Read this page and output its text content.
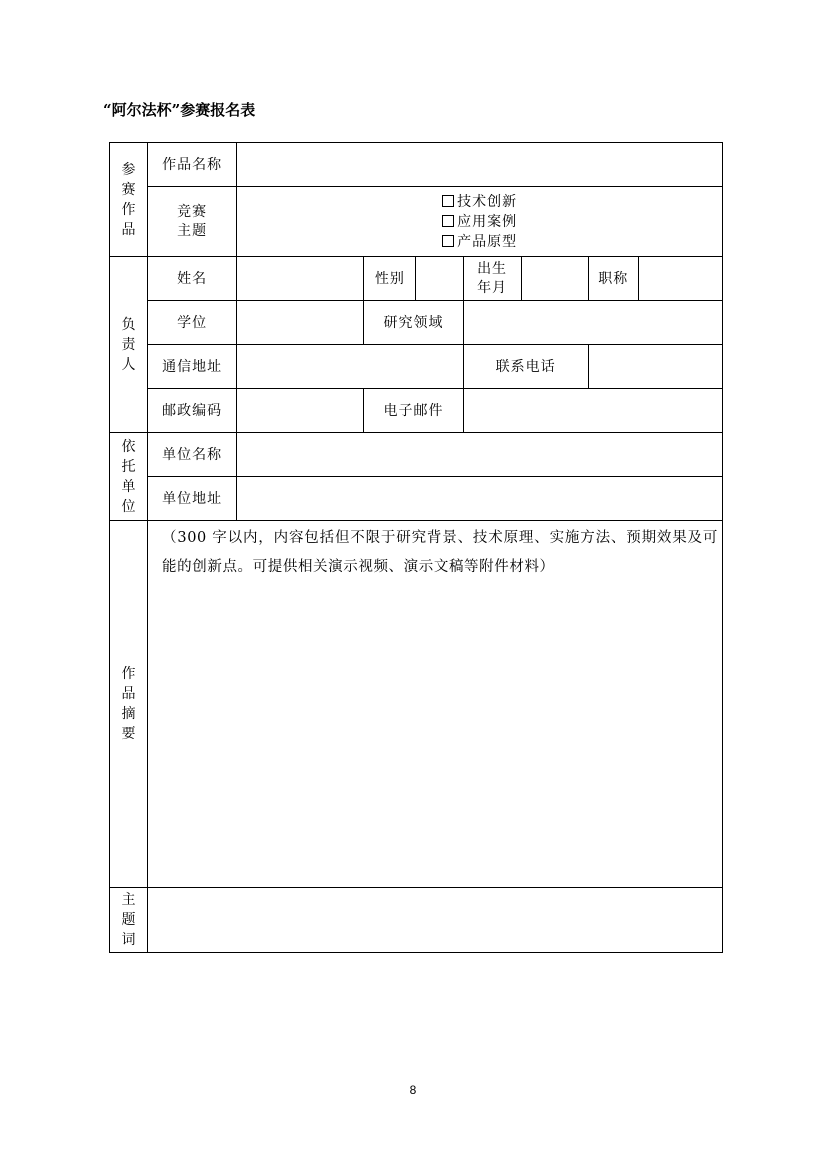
“阿尔法杯”参赛报名表
参
赛
作
品	作品名称							

	竞赛
主题	技术创新
应用案例
产品原型						

负
责
人	姓名		性别		出生
年月		职称	
	学位		研究领域					
	通信地址				联系电话			
	邮政编码		电子邮件					

依
托
单
位	单位名称							
	单位地址							

作
品
摘
要	（300 字以内，内容包括但不限于研究背景、技术原理、实施方法、预期效果及可能的创新点。可提供相关演示视频、演示文稿等附件材料）							

主
题
词								

8
